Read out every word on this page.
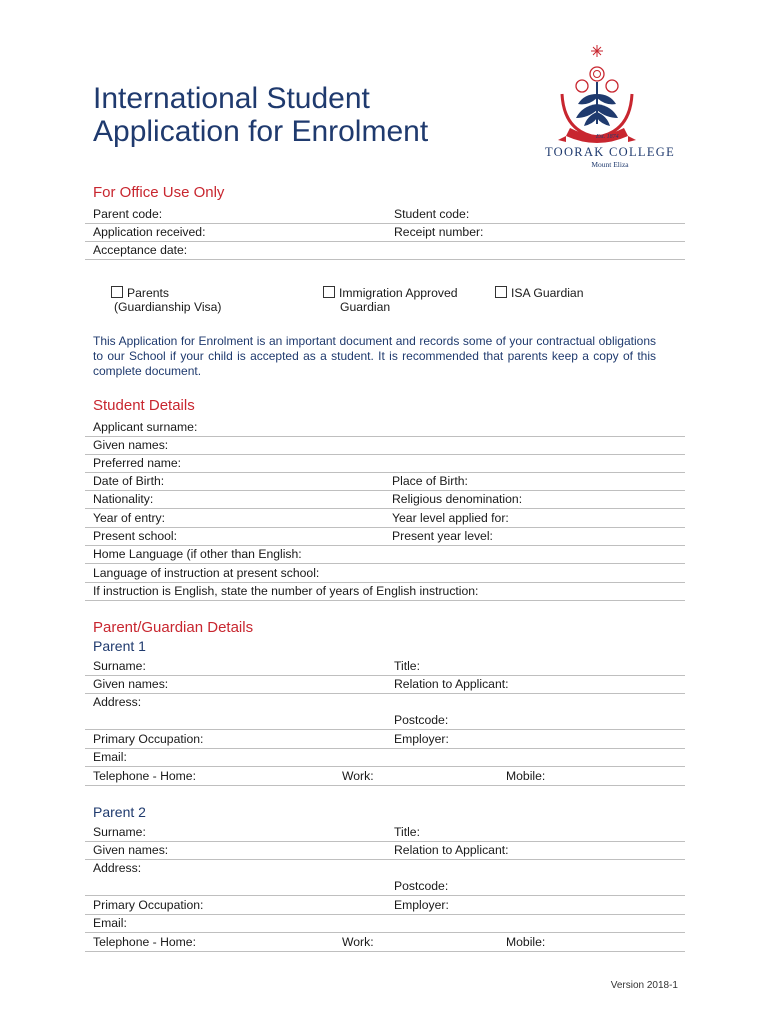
International Student
Application for Enrolment	Est. 1874
TOORAK COLLEGE
Mount Eliza
For Office Use Only
Parent code:	Student code:
Application received:	Receipt number:
Acceptance date:
Parents
(Guardianship Visa)
Immigration Approved
Guardian
ISA Guardian
This Application for Enrolment is an important document and records some of your contractual obligations to our School if your child is accepted as a student. It is recommended that parents keep a copy of this complete document.
Student Details
Applicant surname:
Given names:
Preferred name:
Date of Birth:	Place of Birth:
Nationality:	Religious denomination:
Year of entry:	Year level applied for:
Present school:	Present year level:
Home Language (if other than English:
Language of instruction at present school:
If instruction is English, state the number of years of English instruction:
Parent/Guardian Details
Parent 1
Surname:	Title:
Given names:	Relation to Applicant:
Address:
Postcode:
Primary Occupation:	Employer:
Email:
Telephone - Home:	Work:	Mobile:
Parent 2
Surname:	Title:
Given names:	Relation to Applicant:
Address:
Postcode:
Primary Occupation:	Employer:
Email:
Telephone - Home:	Work:	Mobile:
Version 2018-1
